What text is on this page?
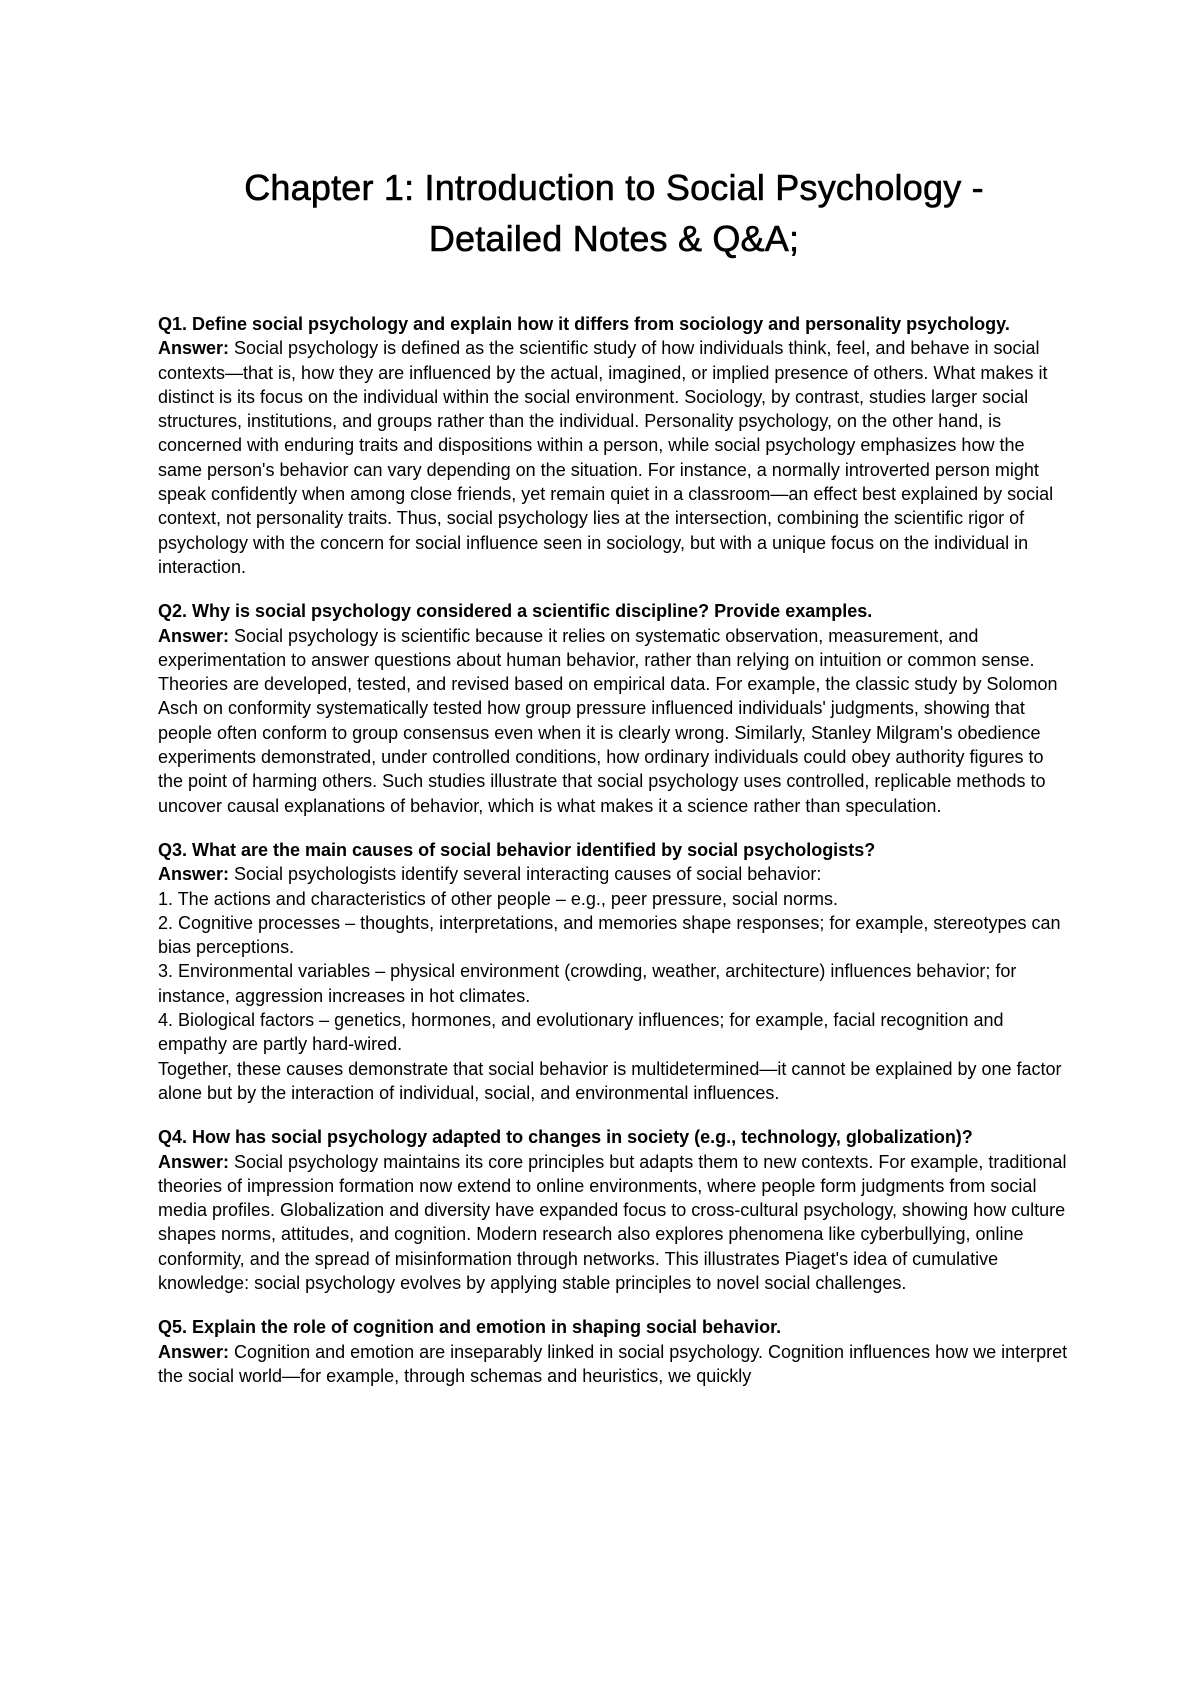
Chapter 1: Introduction to Social Psychology -
Detailed Notes & Q&A;
Q1. Define social psychology and explain how it differs from sociology and personality psychology.
Answer: Social psychology is defined as the scientific study of how individuals think, feel, and behave in social contexts—that is, how they are influenced by the actual, imagined, or implied presence of others. What makes it distinct is its focus on the individual within the social environment. Sociology, by contrast, studies larger social structures, institutions, and groups rather than the individual. Personality psychology, on the other hand, is concerned with enduring traits and dispositions within a person, while social psychology emphasizes how the same person's behavior can vary depending on the situation. For instance, a normally introverted person might speak confidently when among close friends, yet remain quiet in a classroom—an effect best explained by social context, not personality traits. Thus, social psychology lies at the intersection, combining the scientific rigor of psychology with the concern for social influence seen in sociology, but with a unique focus on the individual in interaction.
Q2. Why is social psychology considered a scientific discipline? Provide examples.
Answer: Social psychology is scientific because it relies on systematic observation, measurement, and experimentation to answer questions about human behavior, rather than relying on intuition or common sense. Theories are developed, tested, and revised based on empirical data. For example, the classic study by Solomon Asch on conformity systematically tested how group pressure influenced individuals' judgments, showing that people often conform to group consensus even when it is clearly wrong. Similarly, Stanley Milgram's obedience experiments demonstrated, under controlled conditions, how ordinary individuals could obey authority figures to the point of harming others. Such studies illustrate that social psychology uses controlled, replicable methods to uncover causal explanations of behavior, which is what makes it a science rather than speculation.
Q3. What are the main causes of social behavior identified by social psychologists?
Answer: Social psychologists identify several interacting causes of social behavior:
1. The actions and characteristics of other people – e.g., peer pressure, social norms.
2. Cognitive processes – thoughts, interpretations, and memories shape responses; for example, stereotypes can bias perceptions.
3. Environmental variables – physical environment (crowding, weather, architecture) influences behavior; for instance, aggression increases in hot climates.
4. Biological factors – genetics, hormones, and evolutionary influences; for example, facial recognition and empathy are partly hard-wired.
Together, these causes demonstrate that social behavior is multidetermined—it cannot be explained by one factor alone but by the interaction of individual, social, and environmental influences.
Q4. How has social psychology adapted to changes in society (e.g., technology, globalization)?
Answer: Social psychology maintains its core principles but adapts them to new contexts. For example, traditional theories of impression formation now extend to online environments, where people form judgments from social media profiles. Globalization and diversity have expanded focus to cross-cultural psychology, showing how culture shapes norms, attitudes, and cognition. Modern research also explores phenomena like cyberbullying, online conformity, and the spread of misinformation through networks. This illustrates Piaget's idea of cumulative knowledge: social psychology evolves by applying stable principles to novel social challenges.
Q5. Explain the role of cognition and emotion in shaping social behavior.
Answer: Cognition and emotion are inseparably linked in social psychology. Cognition influences how we interpret the social world—for example, through schemas and heuristics, we quickly
